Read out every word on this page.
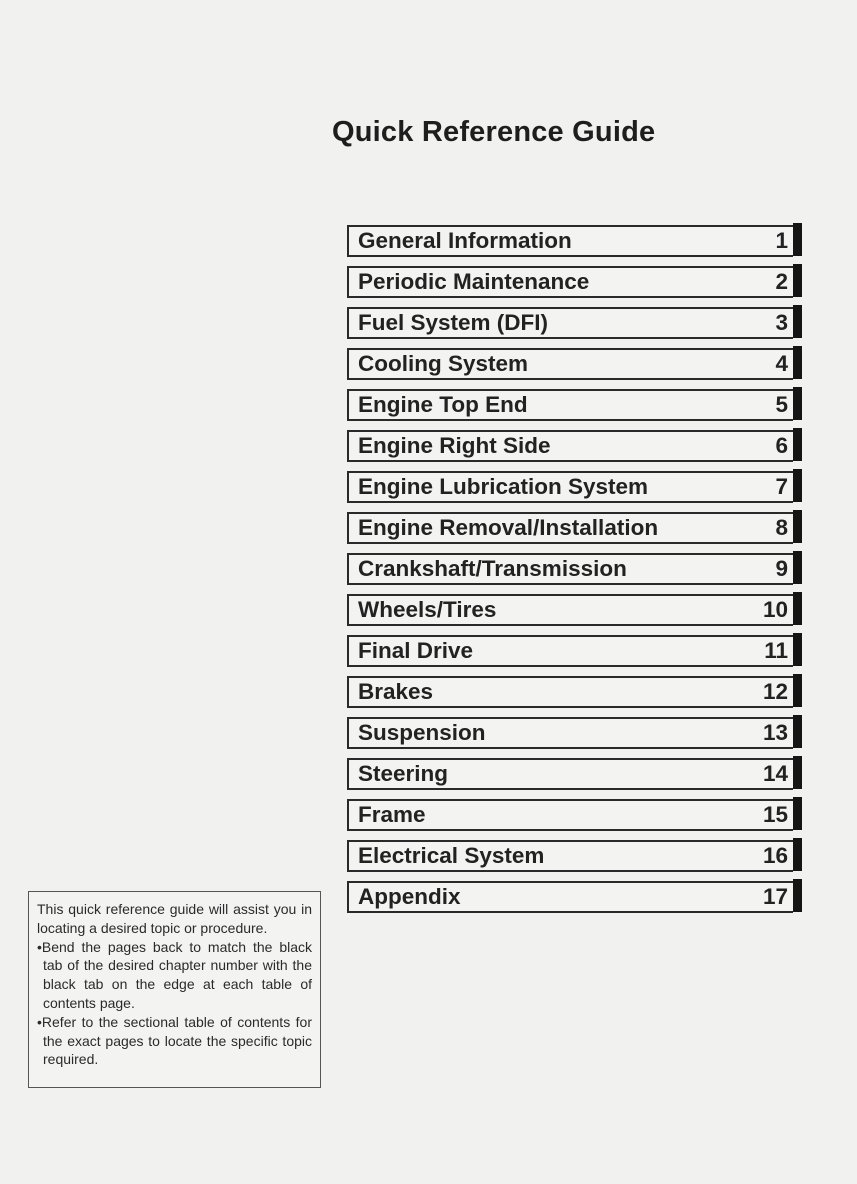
Quick Reference Guide
General Information	1
Periodic Maintenance	2
Fuel System (DFI)	3
Cooling System	4
Engine Top End	5
Engine Right Side	6
Engine Lubrication System	7
Engine Removal/Installation	8
Crankshaft/Transmission	9
Wheels/Tires	10
Final Drive	11
Brakes	12
Suspension	13
Steering	14
Frame	15
Electrical System	16
Appendix	17
This quick reference guide will assist you in locating a desired topic or procedure.
•Bend the pages back to match the black tab of the desired chapter number with the black tab on the edge at each table of contents page.
•Refer to the sectional table of contents for the exact pages to locate the specific topic required.
